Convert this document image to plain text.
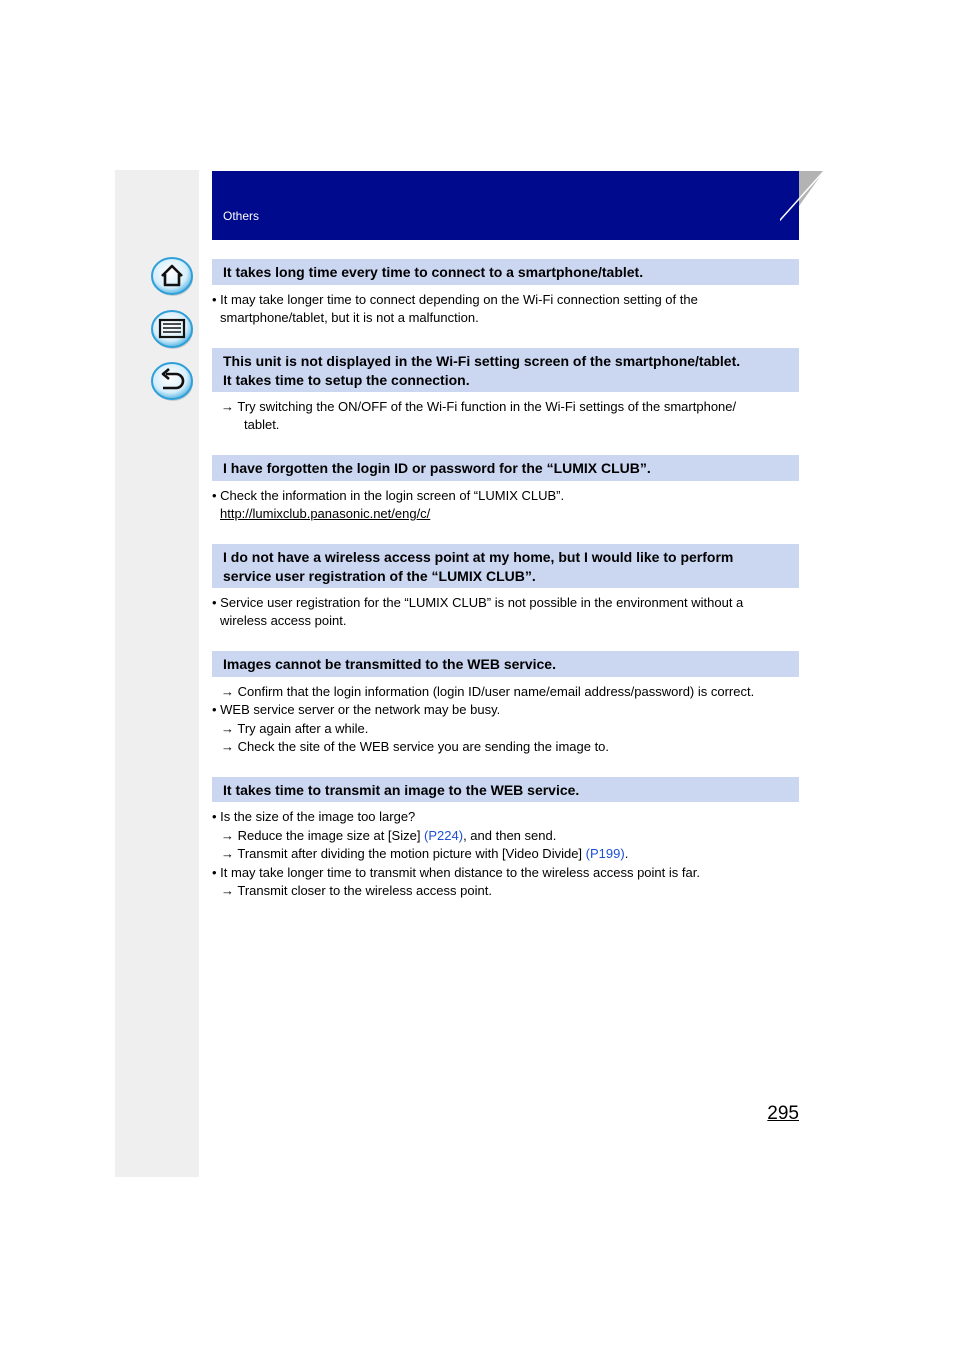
Others
It takes long time every time to connect to a smartphone/tablet.
• It may take longer time to connect depending on the Wi-Fi connection setting of the
smartphone/tablet, but it is not a malfunction.
This unit is not displayed in the Wi-Fi setting screen of the smartphone/tablet.
It takes time to setup the connection.
→ Try switching the ON/OFF of the Wi-Fi function in the Wi-Fi settings of the smartphone/
tablet.
I have forgotten the login ID or password for the “LUMIX CLUB”.
• Check the information in the login screen of “LUMIX CLUB”.
http://lumixclub.panasonic.net/eng/c/
I do not have a wireless access point at my home, but I would like to perform
service user registration of the “LUMIX CLUB”.
• Service user registration for the “LUMIX CLUB” is not possible in the environment without a
wireless access point.
Images cannot be transmitted to the WEB service.
→ Confirm that the login information (login ID/user name/email address/password) is correct.
• WEB service server or the network may be busy.
→ Try again after a while.
→ Check the site of the WEB service you are sending the image to.
It takes time to transmit an image to the WEB service.
• Is the size of the image too large?
→ Reduce the image size at [Size] (P224), and then send.
→ Transmit after dividing the motion picture with [Video Divide] (P199).
• It may take longer time to transmit when distance to the wireless access point is far.
→ Transmit closer to the wireless access point.
295
